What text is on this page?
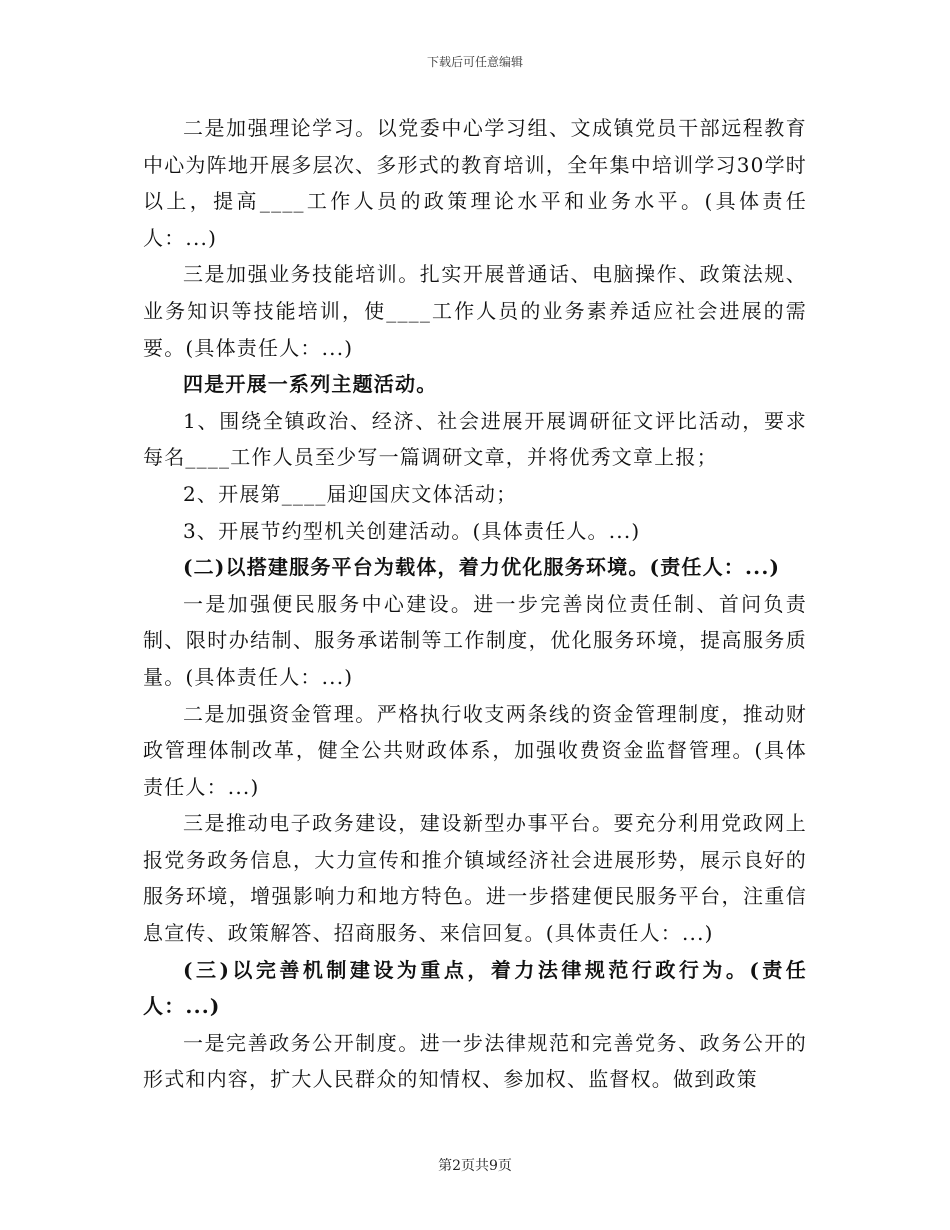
下载后可任意编辑

二是加强理论学习。以党委中心学习组、文成镇党员干部远程教育中心为阵地开展多层次、多形式的教育培训，全年集中培训学习30学时以上，提高____工作人员的政策理论水平和业务水平。(具体责任人：...)

三是加强业务技能培训。扎实开展普通话、电脑操作、政策法规、业务知识等技能培训，使____工作人员的业务素养适应社会进展的需要。(具体责任人：...)

四是开展一系列主题活动。

1、围绕全镇政治、经济、社会进展开展调研征文评比活动，要求每名____工作人员至少写一篇调研文章，并将优秀文章上报；

2、开展第____届迎国庆文体活动；

3、开展节约型机关创建活动。(具体责任人。...)

(二)以搭建服务平台为载体，着力优化服务环境。(责任人：...)

一是加强便民服务中心建设。进一步完善岗位责任制、首问负责制、限时办结制、服务承诺制等工作制度，优化服务环境，提高服务质量。(具体责任人：...)

二是加强资金管理。严格执行收支两条线的资金管理制度，推动财政管理体制改革，健全公共财政体系，加强收费资金监督管理。(具体责任人：...)

三是推动电子政务建设，建设新型办事平台。要充分利用党政网上报党务政务信息，大力宣传和推介镇域经济社会进展形势，展示良好的服务环境，增强影响力和地方特色。进一步搭建便民服务平台，注重信息宣传、政策解答、招商服务、来信回复。(具体责任人：...)

(三)以完善机制建设为重点，着力法律规范行政行为。(责任人：...)

一是完善政务公开制度。进一步法律规范和完善党务、政务公开的形式和内容，扩大人民群众的知情权、参加权、监督权。做到政策

第2页共9页
